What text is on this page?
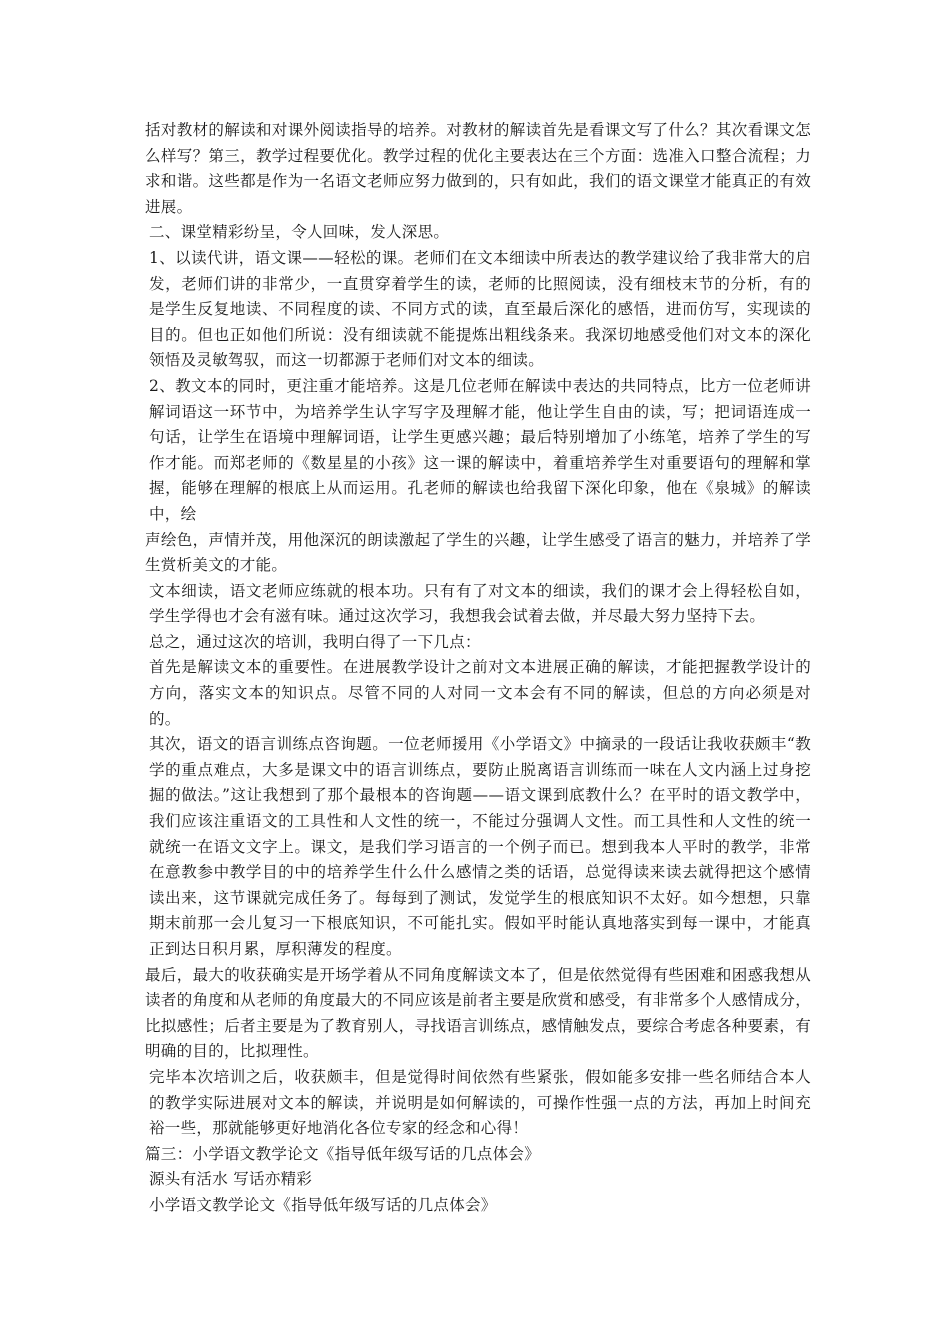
括对教材的解读和对课外阅读指导的培养。对教材的解读首先是看课文写了什么？其次看课文怎么样写？第三，教学过程要优化。教学过程的优化主要表达在三个方面：选准入口整合流程；力求和谐。这些都是作为一名语文老师应努力做到的，只有如此，我们的语文课堂才能真正的有效进展。

二、课堂精彩纷呈，令人回味，发人深思。

1、以读代讲，语文课——轻松的课。老师们在文本细读中所表达的教学建议给了我非常大的启发，老师们讲的非常少，一直贯穿着学生的读，老师的比照阅读，没有细枝末节的分析，有的是学生反复地读、不同程度的读、不同方式的读，直至最后深化的感悟，进而仿写，实现读的目的。但也正如他们所说：没有细读就不能提炼出粗线条来。我深切地感受他们对文本的深化领悟及灵敏驾驭，而这一切都源于老师们对文本的细读。

2、教文本的同时，更注重才能培养。这是几位老师在解读中表达的共同特点，比方一位老师讲解词语这一环节中，为培养学生认字写字及理解才能，他让学生自由的读，写；把词语连成一句话，让学生在语境中理解词语，让学生更感兴趣；最后特别增加了小练笔，培养了学生的写作才能。而郑老师的《数星星的小孩》这一课的解读中，着重培养学生对重要语句的理解和掌握，能够在理解的根底上从而运用。孔老师的解读也给我留下深化印象，他在《泉城》的解读中，绘

声绘色，声情并茂，用他深沉的朗读激起了学生的兴趣，让学生感受了语言的魅力，并培养了学生赏析美文的才能。

文本细读，语文老师应练就的根本功。只有有了对文本的细读，我们的课才会上得轻松自如，学生学得也才会有滋有味。通过这次学习，我想我会试着去做，并尽最大努力坚持下去。

总之，通过这次的培训，我明白得了一下几点：

首先是解读文本的重要性。在进展教学设计之前对文本进展正确的解读，才能把握教学设计的方向，落实文本的知识点。尽管不同的人对同一文本会有不同的解读，但总的方向必须是对的。

其次，语文的语言训练点咨询题。一位老师援用《小学语文》中摘录的一段话让我收获颇丰“教学的重点难点，大多是课文中的语言训练点，要防止脱离语言训练而一味在人文内涵上过身挖掘的做法。”这让我想到了那个最根本的咨询题——语文课到底教什么？在平时的语文教学中，我们应该注重语文的工具性和人文性的统一，不能过分强调人文性。而工具性和人文性的统一就统一在语文文字上。课文，是我们学习语言的一个例子而已。想到我本人平时的教学，非常在意教参中教学目的中的培养学生什么什么感情之类的话语，总觉得读来读去就得把这个感情读出来，这节课就完成任务了。每每到了测试，发觉学生的根底知识不太好。如今想想，只靠期末前那一会儿复习一下根底知识，不可能扎实。假如平时能认真地落实到每一课中，才能真正到达日积月累，厚积薄发的程度。

最后，最大的收获确实是开场学着从不同角度解读文本了，但是依然觉得有些困难和困惑我想从读者的角度和从老师的角度最大的不同应该是前者主要是欣赏和感受，有非常多个人感情成分，比拟感性；后者主要是为了教育别人，寻找语言训练点，感情触发点，要综合考虑各种要素，有明确的目的，比拟理性。

完毕本次培训之后，收获颇丰，但是觉得时间依然有些紧张，假如能多安排一些名师结合本人的教学实际进展对文本的解读，并说明是如何解读的，可操作性强一点的方法，再加上时间充裕一些，那就能够更好地消化各位专家的经念和心得！

篇三：小学语文教学论文《指导低年级写话的几点体会》

源头有活水 写话亦精彩

小学语文教学论文《指导低年级写话的几点体会》
